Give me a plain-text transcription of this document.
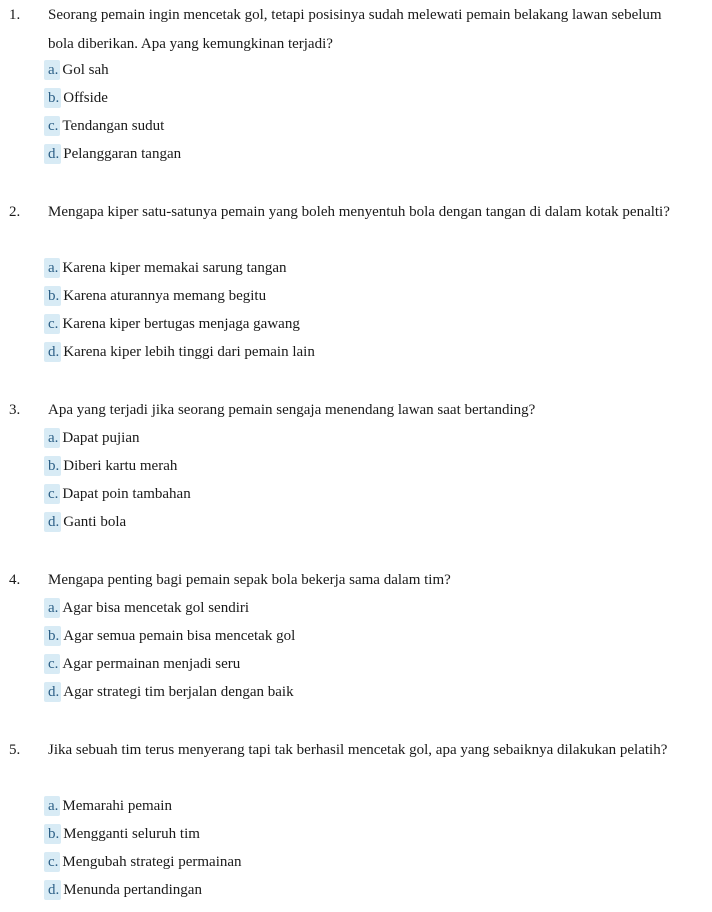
1. Seorang pemain ingin mencetak gol, tetapi posisinya sudah melewati pemain belakang lawan sebelum bola diberikan. Apa yang kemungkinan terjadi?

a. Gol sah
b. Offside
c. Tendangan sudut
d. Pelanggaran tangan
2. Mengapa kiper satu-satunya pemain yang boleh menyentuh bola dengan tangan di dalam kotak penalti?

a. Karena kiper memakai sarung tangan
b. Karena aturannya memang begitu
c. Karena kiper bertugas menjaga gawang
d. Karena kiper lebih tinggi dari pemain lain
3. Apa yang terjadi jika seorang pemain sengaja menendang lawan saat bertanding?

a. Dapat pujian
b. Diberi kartu merah
c. Dapat poin tambahan
d. Ganti bola
4. Mengapa penting bagi pemain sepak bola bekerja sama dalam tim?

a. Agar bisa mencetak gol sendiri
b. Agar semua pemain bisa mencetak gol
c. Agar permainan menjadi seru
d. Agar strategi tim berjalan dengan baik
5. Jika sebuah tim terus menyerang tapi tak berhasil mencetak gol, apa yang sebaiknya dilakukan pelatih?

a. Memarahi pemain
b. Mengganti seluruh tim
c. Mengubah strategi permainan
d. Menunda pertandingan
